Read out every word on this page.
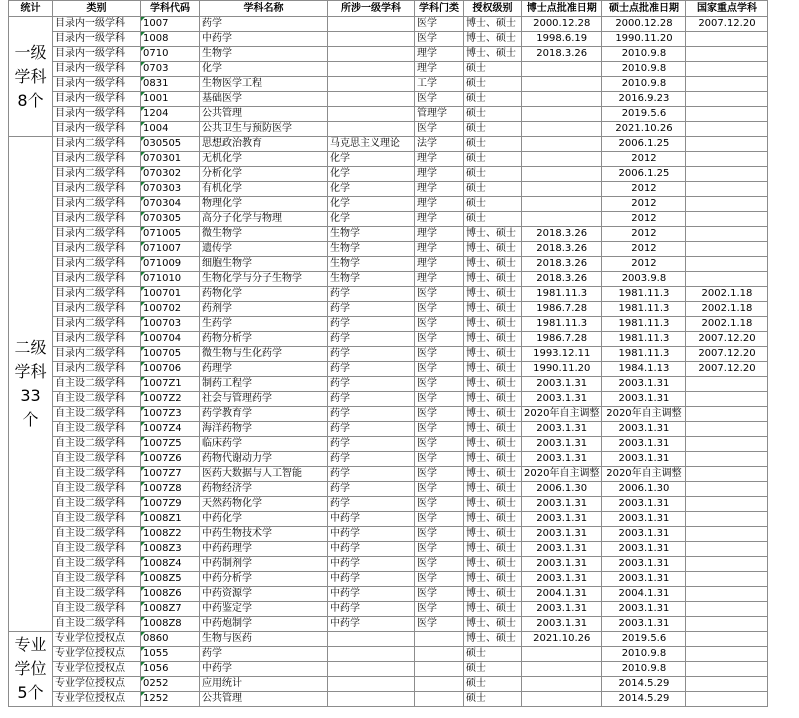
统计	类别	学科代码	学科名称	所涉一级学科	学科门类	授权级别	博士点批准日期	硕士点批准日期	国家重点学科

一级
学科
8个	目录内一级学科	1007	药学		医学	博士、硕士	2000.12.28	2000.12.28	2007.12.20
	目录内一级学科	1008	中药学		医学	博士、硕士	1998.6.19	1990.11.20	
	目录内一级学科	0710	生物学		理学	博士、硕士	2018.3.26	2010.9.8	
	目录内一级学科	0703	化学		理学	硕士		2010.9.8	
	目录内一级学科	0831	生物医学工程		工学	硕士		2010.9.8	
	目录内一级学科	1001	基础医学		医学	硕士		2016.9.23	
	目录内一级学科	1204	公共管理		管理学	硕士		2019.5.6	
	目录内一级学科	1004	公共卫生与预防医学		医学	硕士		2021.10.26	

二级
学科
33个	目录内二级学科	030505	思想政治教育	马克思主义理论	法学	硕士		2006.1.25	
	目录内二级学科	070301	无机化学	化学	理学	硕士		2012	
	目录内二级学科	070302	分析化学	化学	理学	硕士		2006.1.25	
	目录内二级学科	070303	有机化学	化学	理学	硕士		2012	
	目录内二级学科	070304	物理化学	化学	理学	硕士		2012	
	目录内二级学科	070305	高分子化学与物理	化学	理学	硕士		2012	
	目录内二级学科	071005	微生物学	生物学	理学	博士、硕士	2018.3.26	2012	
	目录内二级学科	071007	遗传学	生物学	理学	博士、硕士	2018.3.26	2012	
	目录内二级学科	071009	细胞生物学	生物学	理学	博士、硕士	2018.3.26	2012	
	目录内二级学科	071010	生物化学与分子生物学	生物学	理学	博士、硕士	2018.3.26	2003.9.8	
	目录内二级学科	100701	药物化学	药学	医学	博士、硕士	1981.11.3	1981.11.3	2002.1.18
	目录内二级学科	100702	药剂学	药学	医学	博士、硕士	1986.7.28	1981.11.3	2002.1.18
	目录内二级学科	100703	生药学	药学	医学	博士、硕士	1981.11.3	1981.11.3	2002.1.18
	目录内二级学科	100704	药物分析学	药学	医学	博士、硕士	1986.7.28	1981.11.3	2007.12.20
	目录内二级学科	100705	微生物与生化药学	药学	医学	博士、硕士	1993.12.11	1981.11.3	2007.12.20
	目录内二级学科	100706	药理学	药学	医学	博士、硕士	1990.11.20	1984.1.13	2007.12.20
	自主设二级学科	1007Z1	制药工程学	药学	医学	博士、硕士	2003.1.31	2003.1.31	
	自主设二级学科	1007Z2	社会与管理药学	药学	医学	博士、硕士	2003.1.31	2003.1.31	
	自主设二级学科	1007Z3	药学教育学	药学	医学	博士、硕士	2020年自主调整	2020年自主调整	
	自主设二级学科	1007Z4	海洋药物学	药学	医学	博士、硕士	2003.1.31	2003.1.31	
	自主设二级学科	1007Z5	临床药学	药学	医学	博士、硕士	2003.1.31	2003.1.31	
	自主设二级学科	1007Z6	药物代谢动力学	药学	医学	博士、硕士	2003.1.31	2003.1.31	
	自主设二级学科	1007Z7	医药大数据与人工智能	药学	医学	博士、硕士	2020年自主调整	2020年自主调整	
	自主设二级学科	1007Z8	药物经济学	药学	医学	博士、硕士	2006.1.30	2006.1.30	
	自主设二级学科	1007Z9	天然药物化学	药学	医学	博士、硕士	2003.1.31	2003.1.31	
	自主设二级学科	1008Z1	中药化学	中药学	医学	博士、硕士	2003.1.31	2003.1.31	
	自主设二级学科	1008Z2	中药生物技术学	中药学	医学	博士、硕士	2003.1.31	2003.1.31	
	自主设二级学科	1008Z3	中药药理学	中药学	医学	博士、硕士	2003.1.31	2003.1.31	
	自主设二级学科	1008Z4	中药制剂学	中药学	医学	博士、硕士	2003.1.31	2003.1.31	
	自主设二级学科	1008Z5	中药分析学	中药学	医学	博士、硕士	2003.1.31	2003.1.31	
	自主设二级学科	1008Z6	中药资源学	中药学	医学	博士、硕士	2004.1.31	2004.1.31	
	自主设二级学科	1008Z7	中药鉴定学	中药学	医学	博士、硕士	2003.1.31	2003.1.31	
	自主设二级学科	1008Z8	中药炮制学	中药学	医学	博士、硕士	2003.1.31	2003.1.31	

专业
学位
5个	专业学位授权点	0860	生物与医药			博士、硕士	2021.10.26	2019.5.6	
	专业学位授权点	1055	药学			硕士		2010.9.8	
	专业学位授权点	1056	中药学			硕士		2010.9.8	
	专业学位授权点	0252	应用统计			硕士		2014.5.29	
	专业学位授权点	1252	公共管理			硕士		2014.5.29	
